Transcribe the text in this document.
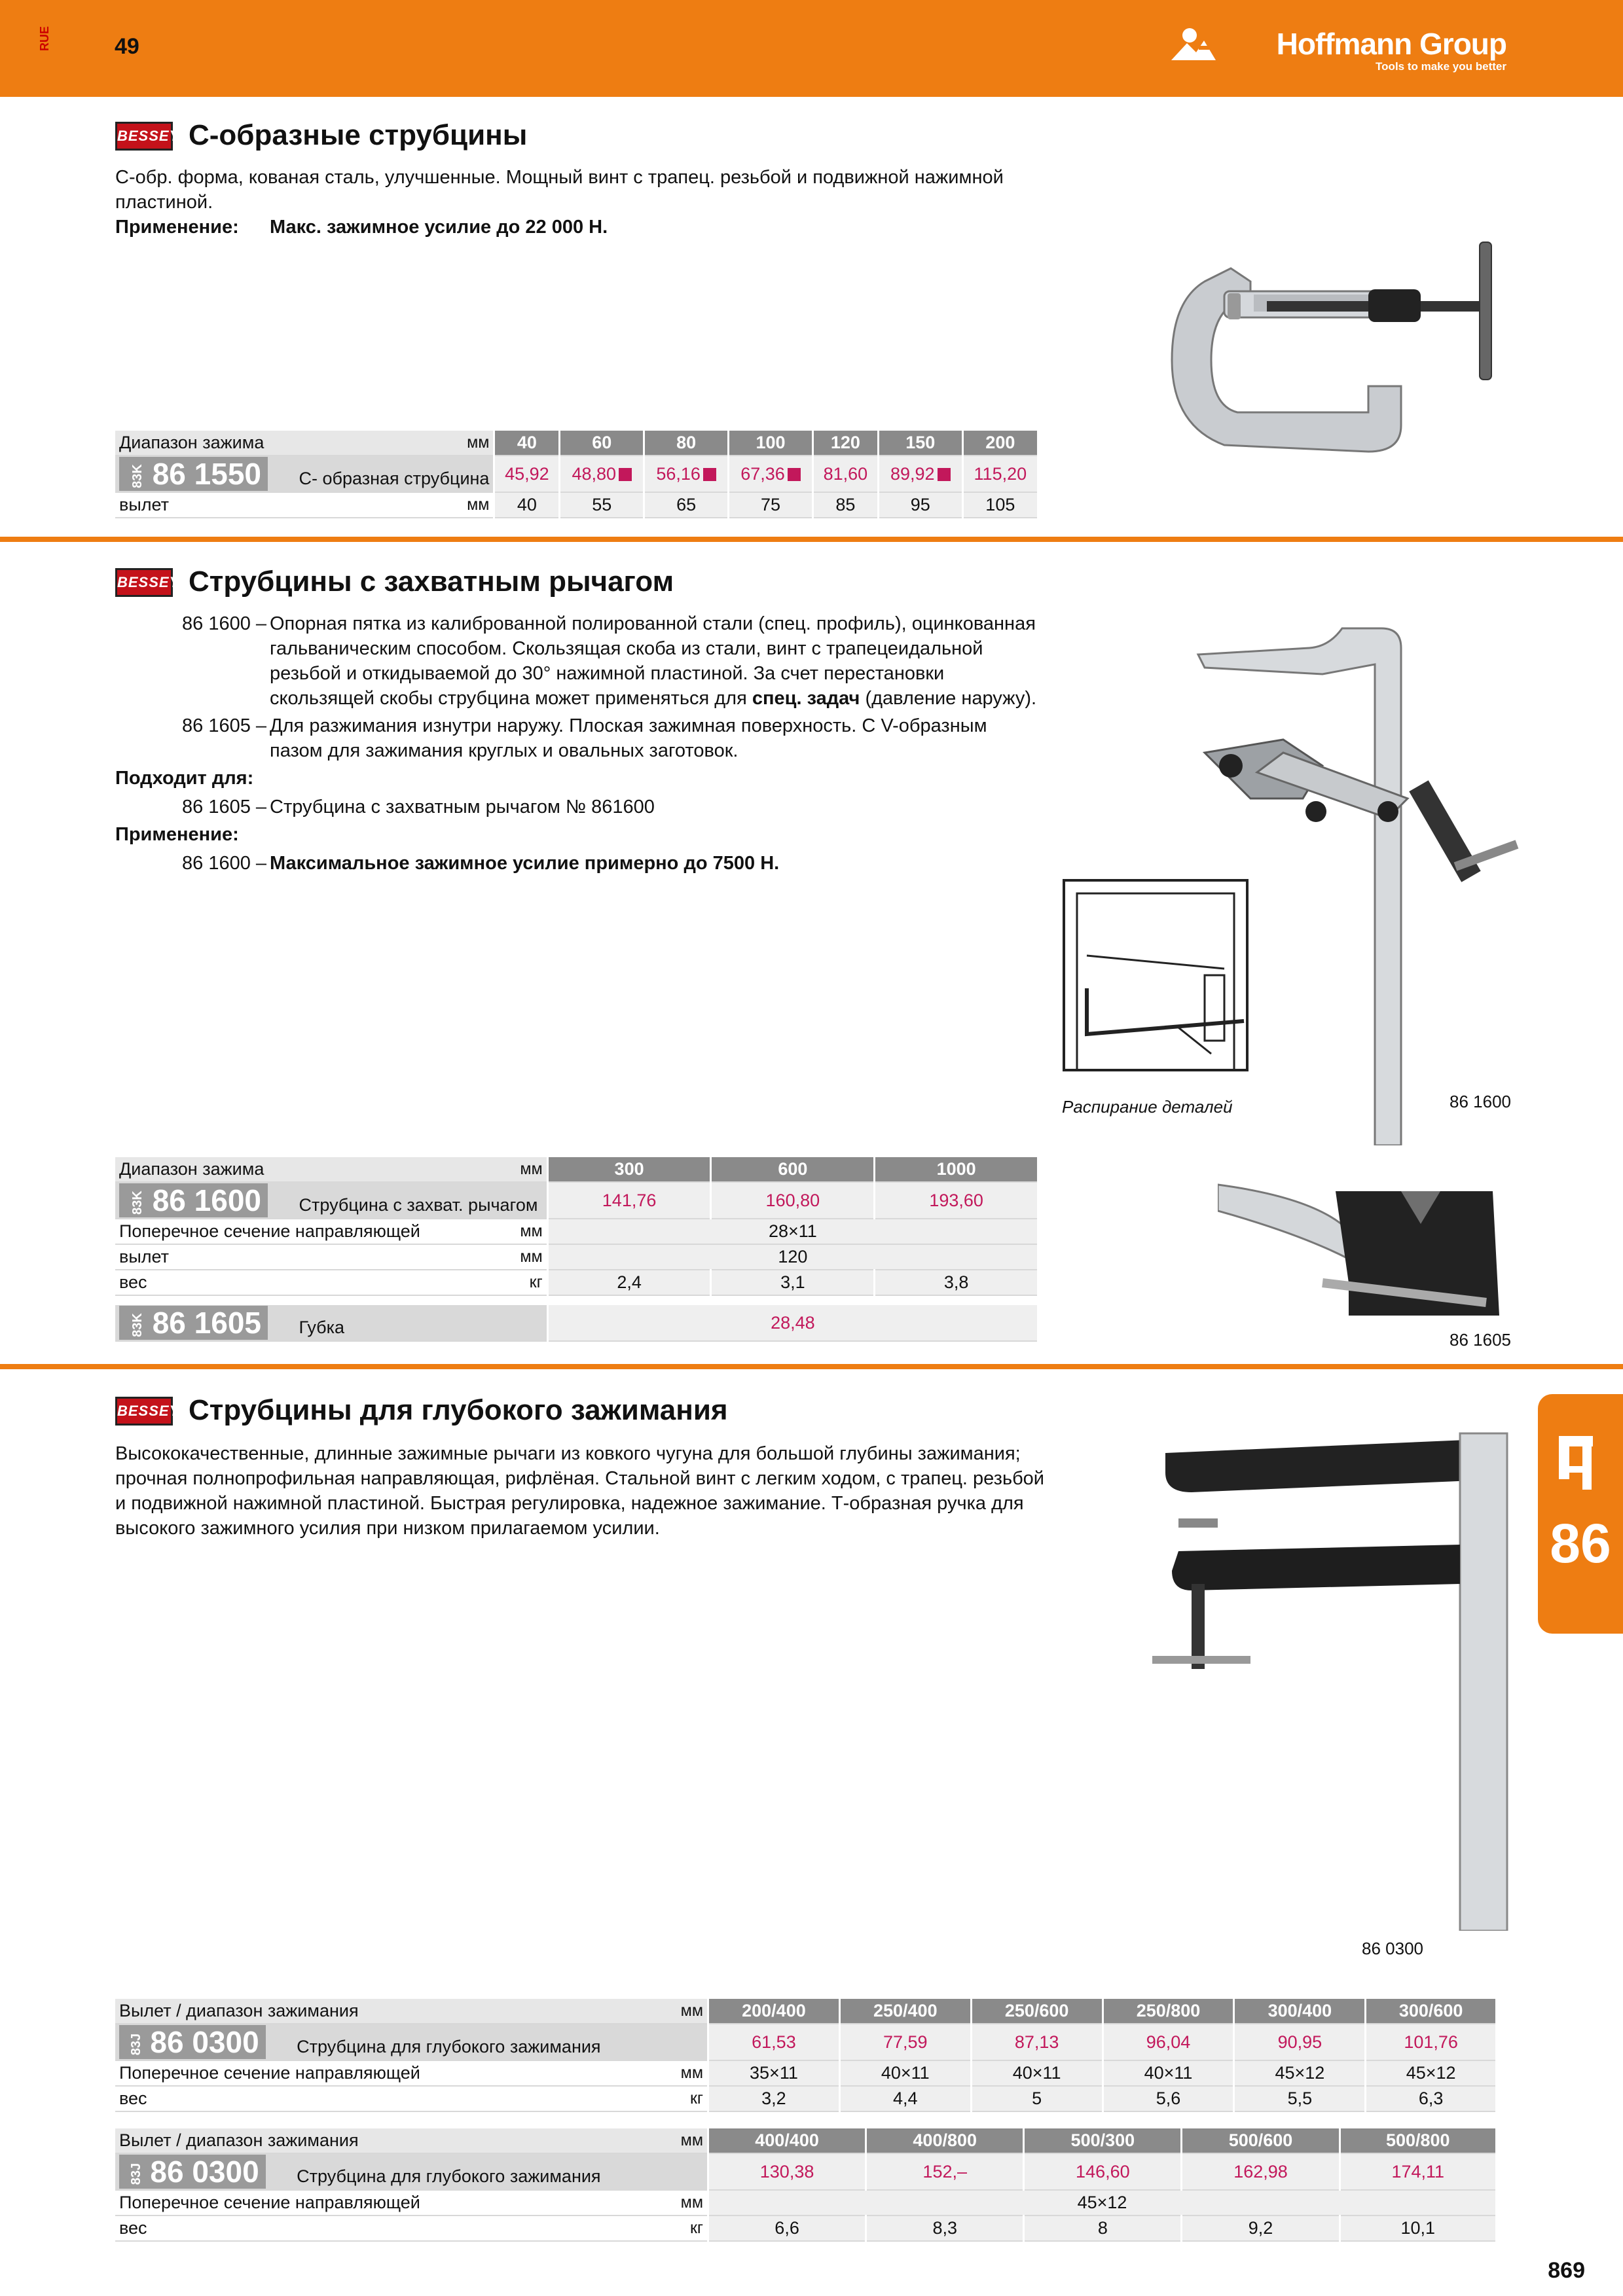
RUE	49	Hoffmann Group
Tools to make you better
BESSEY С-образные струбцины
С-обр. форма, кованая сталь, улучшенные. Мощный винт с трапец. резьбой и подвижной нажимной
пластиной.
Применение: Макс. зажимное усилие до 22 000 Н.
Диапазон зажима	мм	40	60	80	100	120	150	200
83K 86 1550 С- образная струбцина		45,92	48,80	56,16	67,36	81,60	89,92	115,20
вылет	мм	40	55	65	75	85	95	105
BESSEY Струбцины с захватным рычагом
86 1600 – Опорная пятка из калиброванной полированной стали (спец. профиль), оцинкованная
гальваническим способом. Скользящая скоба из стали, винт с трапецеидальной
резьбой и откидываемой до 30° нажимной пластиной. За счет перестановки
скользящей скобы струбцина может применяться для спец. задач (давление наружу).
86 1605 – Для разжимания изнутри наружу. Плоская зажимная поверхность. С V-образным
пазом для зажимания круглых и овальных заготовок.
Подходит для:
86 1605 – Струбцина с захватным рычагом № 861600
Применение:
86 1600 – Максимальное зажимное усилие примерно до 7500 Н.
Распирание деталей	86 1600
Диапазон зажима	мм	300	600	1000
83K 86 1600 Струбцина с захват. рычагом		141,76	160,80	193,60
Поперечное сечение направляющей	мм	28×11		
вылет	мм	120		
вес	кг	2,4	3,1	3,8

83K 86 1605 Губка		28,48		
86 1605
BESSEY Струбцины для глубокого зажимания
Высококачественные, длинные зажимные рычаги из ковкого чугуна для большой глубины зажимания;
прочная полнопрофильная направляющая, рифлёная. Стальной винт с легким ходом, с трапец. резьбой
и подвижной нажимной пластиной. Быстрая регулировка, надежное зажимание. Т-образная ручка для
высокого зажимного усилия при низком прилагаемом усилии.
86 0300
86
Вылет / диапазон зажимания	мм	200/400	250/400	250/600	250/800	300/400	300/600
83J 86 0300 Струбцина для глубокого зажимания		61,53	77,59	87,13	96,04	90,95	101,76
Поперечное сечение направляющей	мм	35×11	40×11	40×11	40×11	45×12	45×12
вес	кг	3,2	4,4	5	5,6	5,5	6,3
Вылет / диапазон зажимания	мм	400/400	400/800	500/300	500/600	500/800
83J 86 0300 Струбцина для глубокого зажимания		130,38	152,–	146,60	162,98	174,11
Поперечное сечение направляющей	мм	45×12				
вес	кг	6,6	8,3	8	9,2	10,1
869
